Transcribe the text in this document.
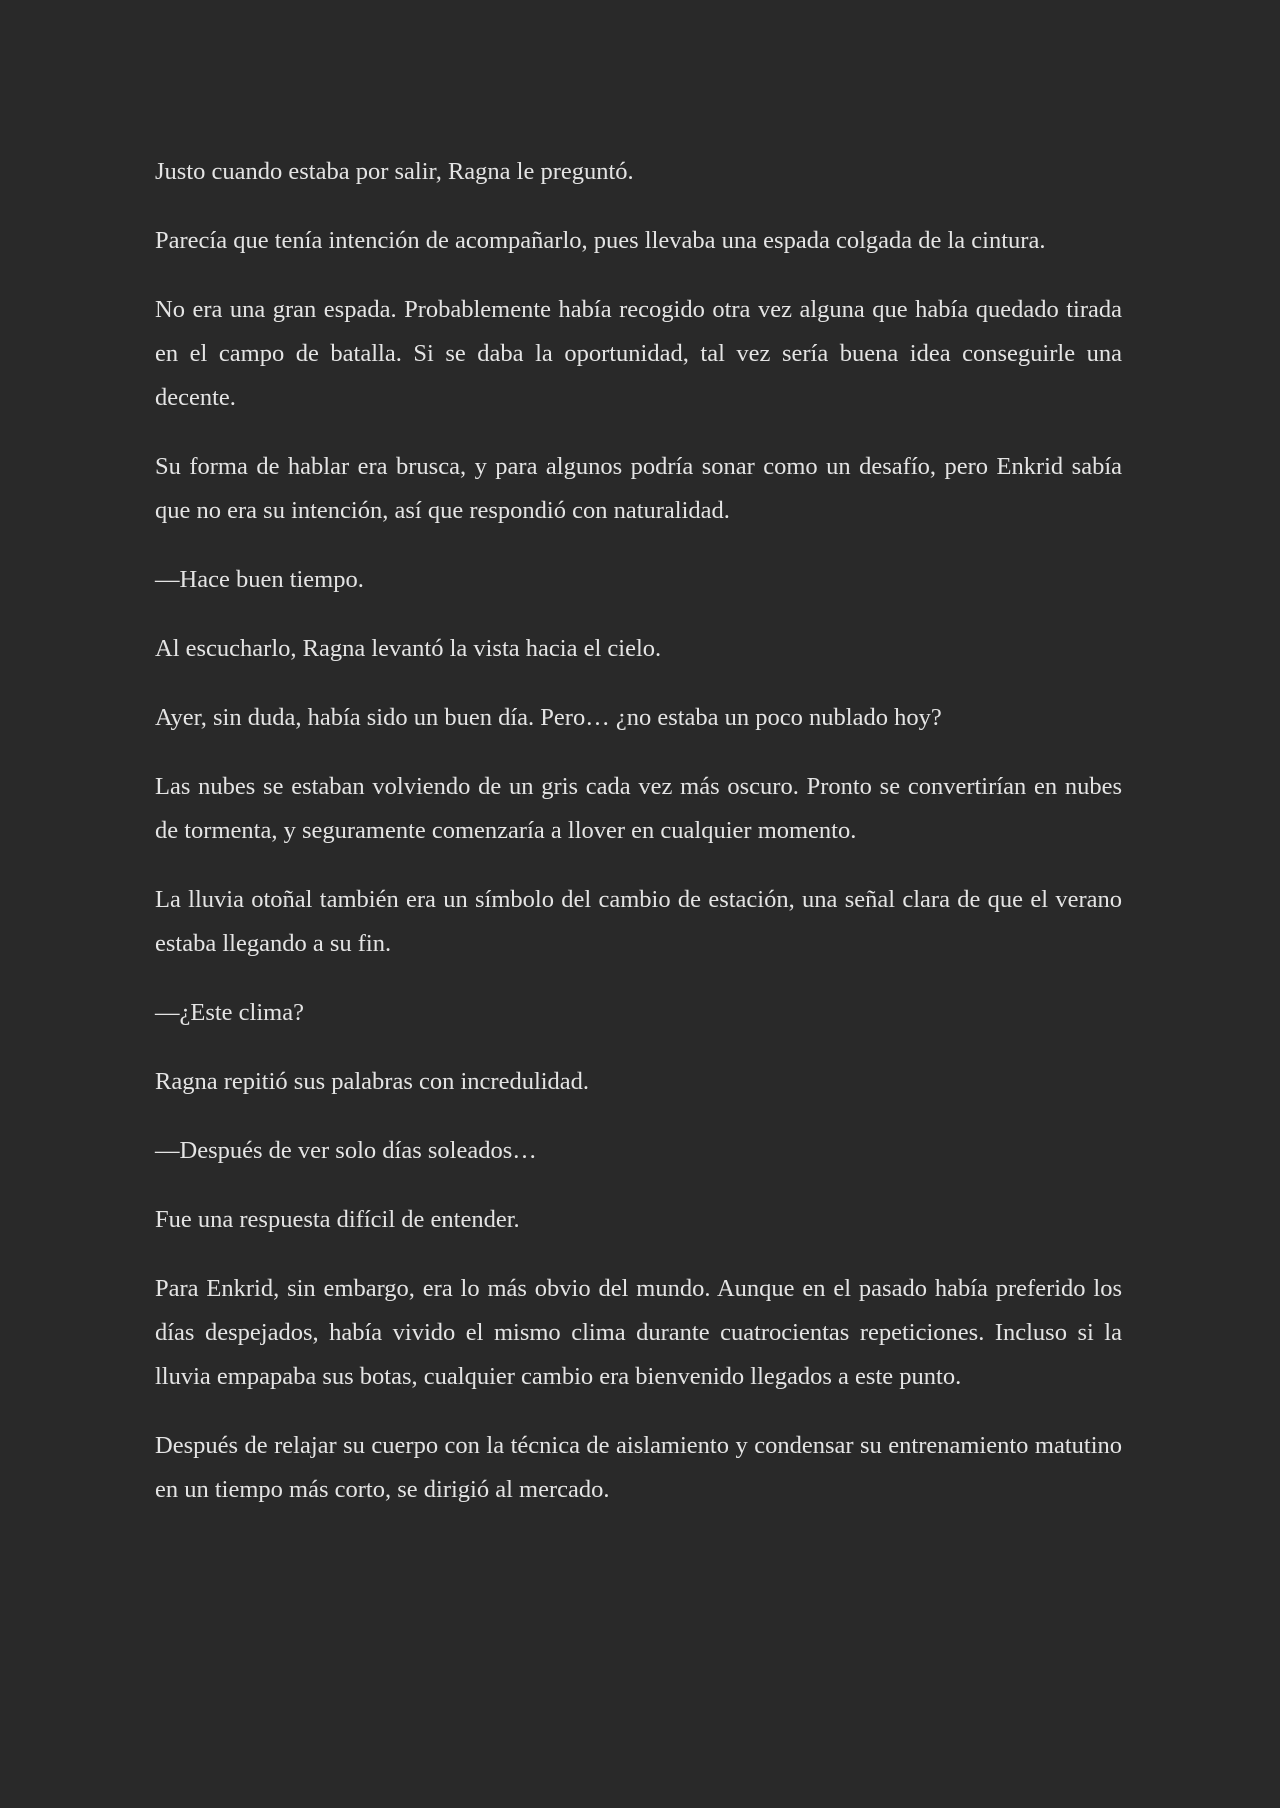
Justo cuando estaba por salir, Ragna le preguntó.

Parecía que tenía intención de acompañarlo, pues llevaba una espada colgada de la cintura.

No era una gran espada. Probablemente había recogido otra vez alguna que había quedado tirada en el campo de batalla. Si se daba la oportunidad, tal vez sería buena idea conseguirle una decente.

Su forma de hablar era brusca, y para algunos podría sonar como un desafío, pero Enkrid sabía que no era su intención, así que respondió con naturalidad.

—Hace buen tiempo.

Al escucharlo, Ragna levantó la vista hacia el cielo.

Ayer, sin duda, había sido un buen día. Pero… ¿no estaba un poco nublado hoy?

Las nubes se estaban volviendo de un gris cada vez más oscuro. Pronto se convertirían en nubes de tormenta, y seguramente comenzaría a llover en cualquier momento.

La lluvia otoñal también era un símbolo del cambio de estación, una señal clara de que el verano estaba llegando a su fin.

—¿Este clima?

Ragna repitió sus palabras con incredulidad.

—Después de ver solo días soleados…

Fue una respuesta difícil de entender.

Para Enkrid, sin embargo, era lo más obvio del mundo. Aunque en el pasado había preferido los días despejados, había vivido el mismo clima durante cuatrocientas repeticiones. Incluso si la lluvia empapaba sus botas, cualquier cambio era bienvenido llegados a este punto.

Después de relajar su cuerpo con la técnica de aislamiento y condensar su entrenamiento matutino en un tiempo más corto, se dirigió al mercado.
